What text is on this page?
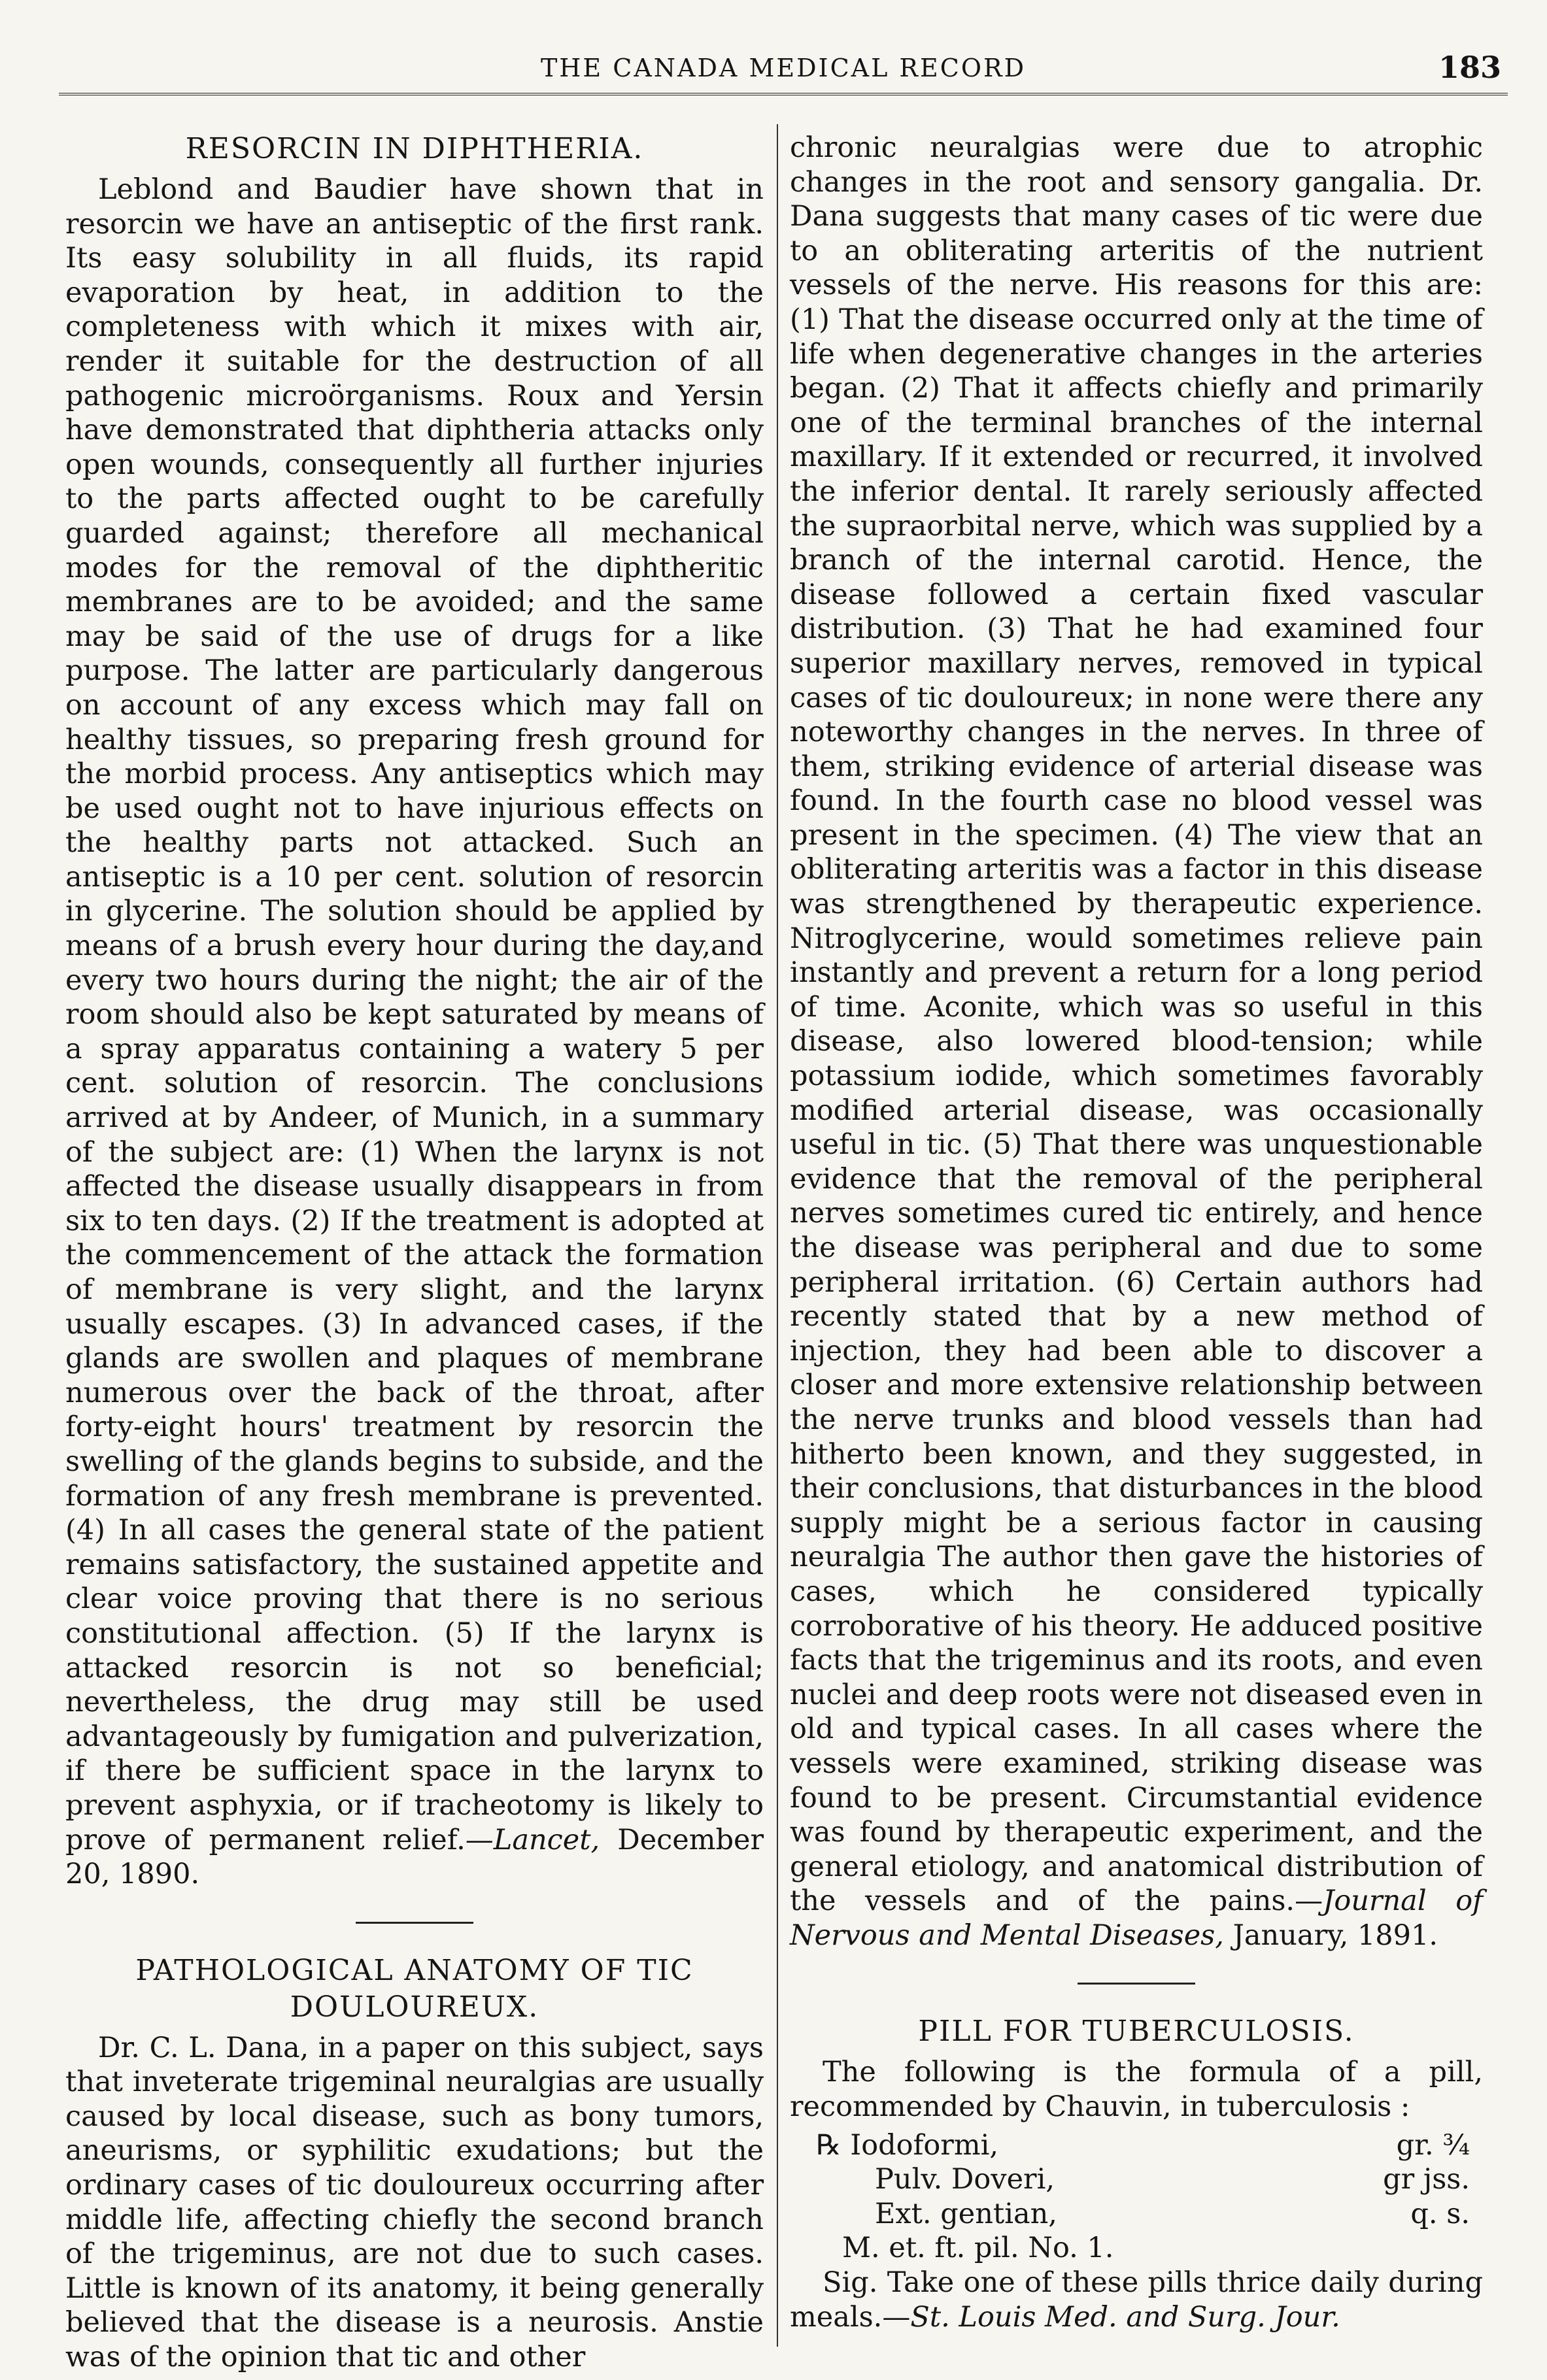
THE CANADA MEDICAL RECORD	183
RESORCIN IN DIPHTHERIA.

Leblond and Baudier have shown that in resorcin we have an antiseptic of the first rank. Its easy solubility in all fluids, its rapid evaporation by heat, in addition to the completeness with which it mixes with air, render it suitable for the destruction of all pathogenic microörganisms. Roux and Yersin have demonstrated that diphtheria attacks only open wounds, consequently all further injuries to the parts affected ought to be carefully guarded against; therefore all mechanical modes for the removal of the diphtheritic membranes are to be avoided; and the same may be said of the use of drugs for a like purpose. The latter are particularly dangerous on account of any excess which may fall on healthy tissues, so preparing fresh ground for the morbid process. Any antiseptics which may be used ought not to have injurious effects on the healthy parts not attacked. Such an antiseptic is a 10 per cent. solution of resorcin in glycerine. The solution should be applied by means of a brush every hour during the day,and every two hours during the night; the air of the room should also be kept saturated by means of a spray apparatus containing a watery 5 per cent. solution of resorcin. The conclusions arrived at by Andeer, of Munich, in a summary of the subject are: (1) When the larynx is not affected the disease usually disappears in from six to ten days. (2) If the treatment is adopted at the commencement of the attack the formation of membrane is very slight, and the larynx usually escapes. (3) In advanced cases, if the glands are swollen and plaques of membrane numerous over the back of the throat, after forty-eight hours' treatment by resorcin the swelling of the glands begins to subside, and the formation of any fresh membrane is prevented. (4) In all cases the general state of the patient remains satisfactory, the sustained appetite and clear voice proving that there is no serious constitutional affection. (5) If the larynx is attacked resorcin is not so beneficial; nevertheless, the drug may still be used advantageously by fumigation and pulverization, if there be sufficient space in the larynx to prevent asphyxia, or if tracheotomy is likely to prove of permanent relief.—Lancet, December 20, 1890.

PATHOLOGICAL ANATOMY OF TIC DOULOUREUX.

Dr. C. L. Dana, in a paper on this subject, says that inveterate trigeminal neuralgias are usually caused by local disease, such as bony tumors, aneurisms, or syphilitic exudations; but the ordinary cases of tic douloureux occurring after middle life, affecting chiefly the second branch of the trigeminus, are not due to such cases. Little is known of its anatomy, it being generally believed that the disease is a neurosis. Anstie was of the opinion that tic and other

chronic neuralgias were due to atrophic changes in the root and sensory gangalia. Dr. Dana suggests that many cases of tic were due to an obliterating arteritis of the nutrient vessels of the nerve. His reasons for this are: (1) That the disease occurred only at the time of life when degenerative changes in the arteries began. (2) That it affects chiefly and primarily one of the terminal branches of the internal maxillary. If it extended or recurred, it involved the inferior dental. It rarely seriously affected the supraorbital nerve, which was supplied by a branch of the internal carotid. Hence, the disease followed a certain fixed vascular distribution. (3) That he had examined four superior maxillary nerves, removed in typical cases of tic douloureux; in none were there any noteworthy changes in the nerves. In three of them, striking evidence of arterial disease was found. In the fourth case no blood vessel was present in the specimen. (4) The view that an obliterating arteritis was a factor in this disease was strengthened by therapeutic experience. Nitroglycerine, would sometimes relieve pain instantly and prevent a return for a long period of time. Aconite, which was so useful in this disease, also lowered blood-tension; while potassium iodide, which sometimes favorably modified arterial disease, was occasionally useful in tic. (5) That there was unquestionable evidence that the removal of the peripheral nerves sometimes cured tic entirely, and hence the disease was peripheral and due to some peripheral irritation. (6) Certain authors had recently stated that by a new method of injection, they had been able to discover a closer and more extensive relationship between the nerve trunks and blood vessels than had hitherto been known, and they suggested, in their conclusions, that disturbances in the blood supply might be a serious factor in causing neuralgia The author then gave the histories of cases, which he considered typically corroborative of his theory. He adduced positive facts that the trigeminus and its roots, and even nuclei and deep roots were not diseased even in old and typical cases. In all cases where the vessels were examined, striking disease was found to be present. Circumstantial evidence was found by therapeutic experiment, and the general etiology, and anatomical distribution of the vessels and of the pains.—Journal of Nervous and Mental Diseases, January, 1891.

PILL FOR TUBERCULOSIS.

The following is the formula of a pill, recommended by Chauvin, in tuberculosis :

℞ Iodoformi,	gr. ¾
Pulv. Doveri,	gr jss.
Ext. gentian,	q. s.
M. et. ft. pil. No. 1.

Sig. Take one of these pills thrice daily during meals.—St. Louis Med. and Surg. Jour.
